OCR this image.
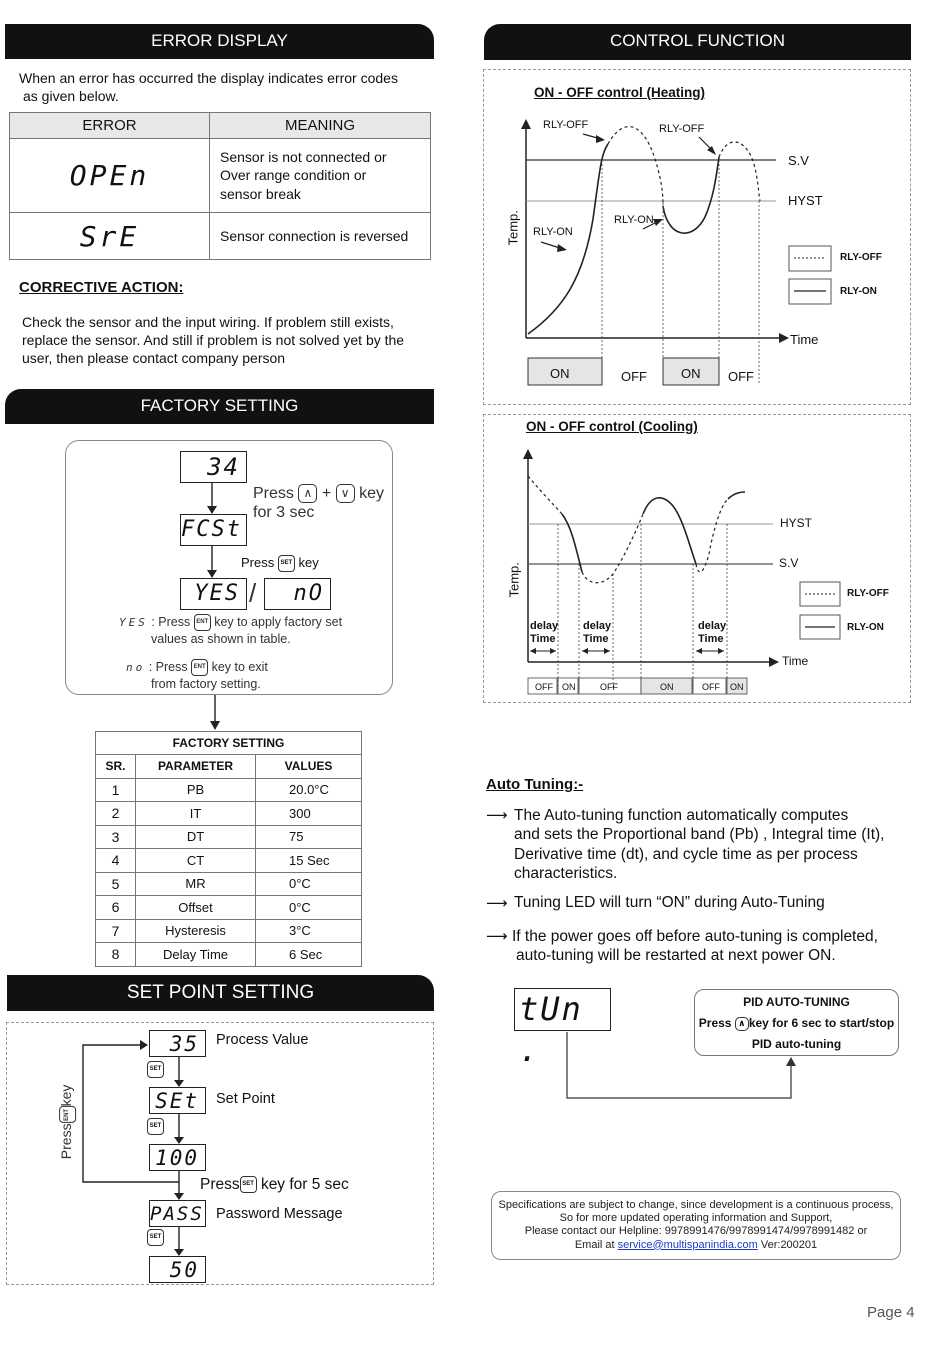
ERROR DISPLAY
When an error has occurred the display indicates error codes
as given below.
ERROR	MEANING
OPEn	Sensor is not connected or
Over range condition or
sensor break

SrE	Sensor connection is reversed
CORRECTIVE ACTION:
Check the sensor and the input wiring. If problem still exists,
replace the sensor. And still if problem is not solved yet by the
user, then please contact company person
FACTORY SETTING
34
FCSt
YES /	nO
Press ∧ + ∨ key
for 3 sec
Press SET key
YES : Press ENT key to apply factory set
values as shown in table.
no : Press ENT key to exit
from factory setting.
FACTORY SETTING		
SR.	PARAMETER	VALUES
1	PB	20.0°C
2	IT	300
3	DT	75
4	CT	15 Sec
5	MR	0°C
6	Offset	0°C
7	Hysteresis	3°C
8	Delay Time	6 Sec
SET POINT SETTING
35	Process Value
SEt	Set Point
100
Press SET key for 5 sec
PASS Password Message
50
SET
SET
SET
PressENTkey
CONTROL FUNCTION
ON - OFF control (Heating)
RLY-OFF	RLY-OFF
RLY-ON
RLY-ON
S.V
HYST
Temp.
Time
RLY-OFF
RLY-ON
ON	OFF	ON OFF
ON - OFF control (Cooling)
HYST
S.V
Temp.
Time
RLY-OFF
RLY-ON
delay
Time
delay
Time
delay
Time
OFF ON	OFF	ON	OFF ON
Auto Tuning:-
⟶ The Auto-tuning function automatically computes
and sets the Proportional band (Pb) , Integral time (It),
Derivative time (dt), and cycle time as per process
characteristics.
⟶ Tuning LED will turn “ON” during Auto-Tuning
⟶ If the power goes off before auto-tuning is completed,
auto-tuning will be restarted at next power ON.
tUn .
PID AUTO-TUNING
Press ∧ key for 6 sec to start/stop
PID auto-tuning
Specifications are subject to change, since development is a continuous process,
So for more updated operating information and Support,
Please contact our Helpline: 9978991476/9978991474/9978991482 or
Email at service@multispanindia.com Ver:200201
Page 4
